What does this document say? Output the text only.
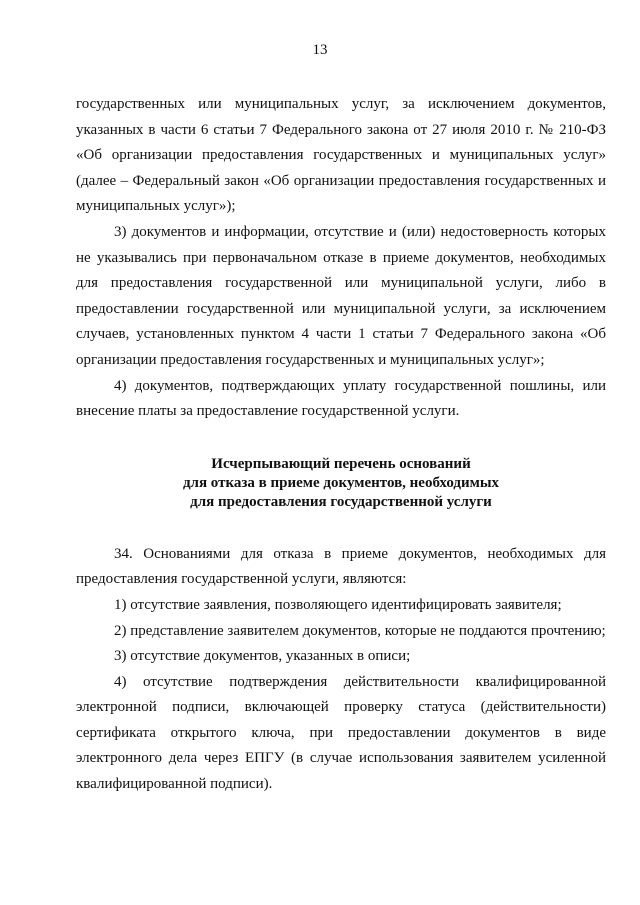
13

государственных или муниципальных услуг, за исключением документов, указанных в части 6 статьи 7 Федерального закона от 27 июля 2010 г. № 210-ФЗ «Об организации предоставления государственных и муниципальных услуг» (далее – Федеральный закон «Об организации предоставления государственных и муниципальных услуг»);

3) документов и информации, отсутствие и (или) недостоверность которых не указывались при первоначальном отказе в приеме документов, необходимых для предоставления государственной или муниципальной услуги, либо в предоставлении государственной или муниципальной услуги, за исключением случаев, установленных пунктом 4 части 1 статьи 7 Федерального закона «Об организации предоставления государственных и муниципальных услуг»;

4) документов, подтверждающих уплату государственной пошлины, или внесение платы за предоставление государственной услуги.

Исчерпывающий перечень оснований
для отказа в приеме документов, необходимых
для предоставления государственной услуги

34. Основаниями для отказа в приеме документов, необходимых для предоставления государственной услуги, являются:

1) отсутствие заявления, позволяющего идентифицировать заявителя;

2) представление заявителем документов, которые не поддаются прочтению;

3) отсутствие документов, указанных в описи;

4) отсутствие подтверждения действительности квалифицированной электронной подписи, включающей проверку статуса (действительности) сертификата открытого ключа, при предоставлении документов в виде электронного дела через ЕПГУ (в случае использования заявителем усиленной квалифицированной подписи).
